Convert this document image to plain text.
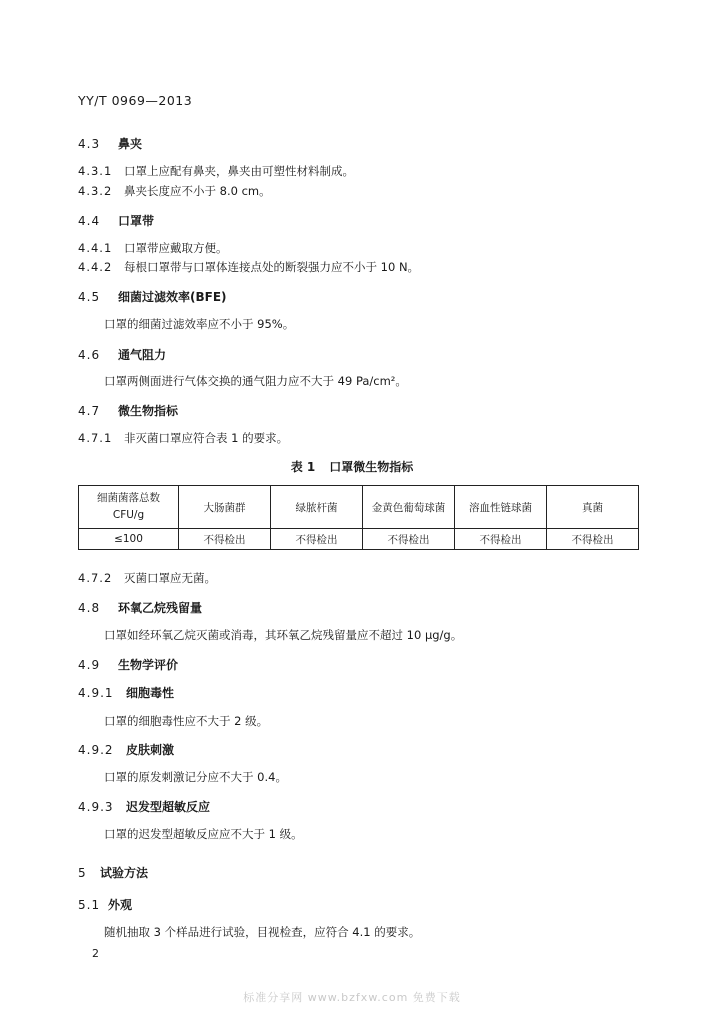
YY/T 0969—2013
4.3 鼻夹
4.3.1 口罩上应配有鼻夹，鼻夹由可塑性材料制成。
4.3.2 鼻夹长度应不小于 8.0 cm。
4.4 口罩带
4.4.1 口罩带应戴取方便。
4.4.2 每根口罩带与口罩体连接点处的断裂强力应不小于 10 N。
4.5 细菌过滤效率(BFE)
口罩的细菌过滤效率应不小于 95%。
4.6 通气阻力
口罩两侧面进行气体交换的通气阻力应不大于 49 Pa/cm²。
4.7 微生物指标
4.7.1 非灭菌口罩应符合表 1 的要求。
表 1 口罩微生物指标
细菌菌落总数
CFU/g	大肠菌群	绿脓杆菌	金黄色葡萄球菌	溶血性链球菌	真菌
≤100	不得检出	不得检出	不得检出	不得检出	不得检出
4.7.2 灭菌口罩应无菌。
4.8 环氧乙烷残留量
口罩如经环氧乙烷灭菌或消毒，其环氧乙烷残留量应不超过 10 μg/g。
4.9 生物学评价
4.9.1 细胞毒性
口罩的细胞毒性应不大于 2 级。
4.9.2 皮肤刺激
口罩的原发刺激记分应不大于 0.4。
4.9.3 迟发型超敏反应
口罩的迟发型超敏反应应不大于 1 级。
5 试验方法
5.1 外观
随机抽取 3 个样品进行试验，目视检查，应符合 4.1 的要求。
2
标准分享网 www.bzfxw.com 免费下载
